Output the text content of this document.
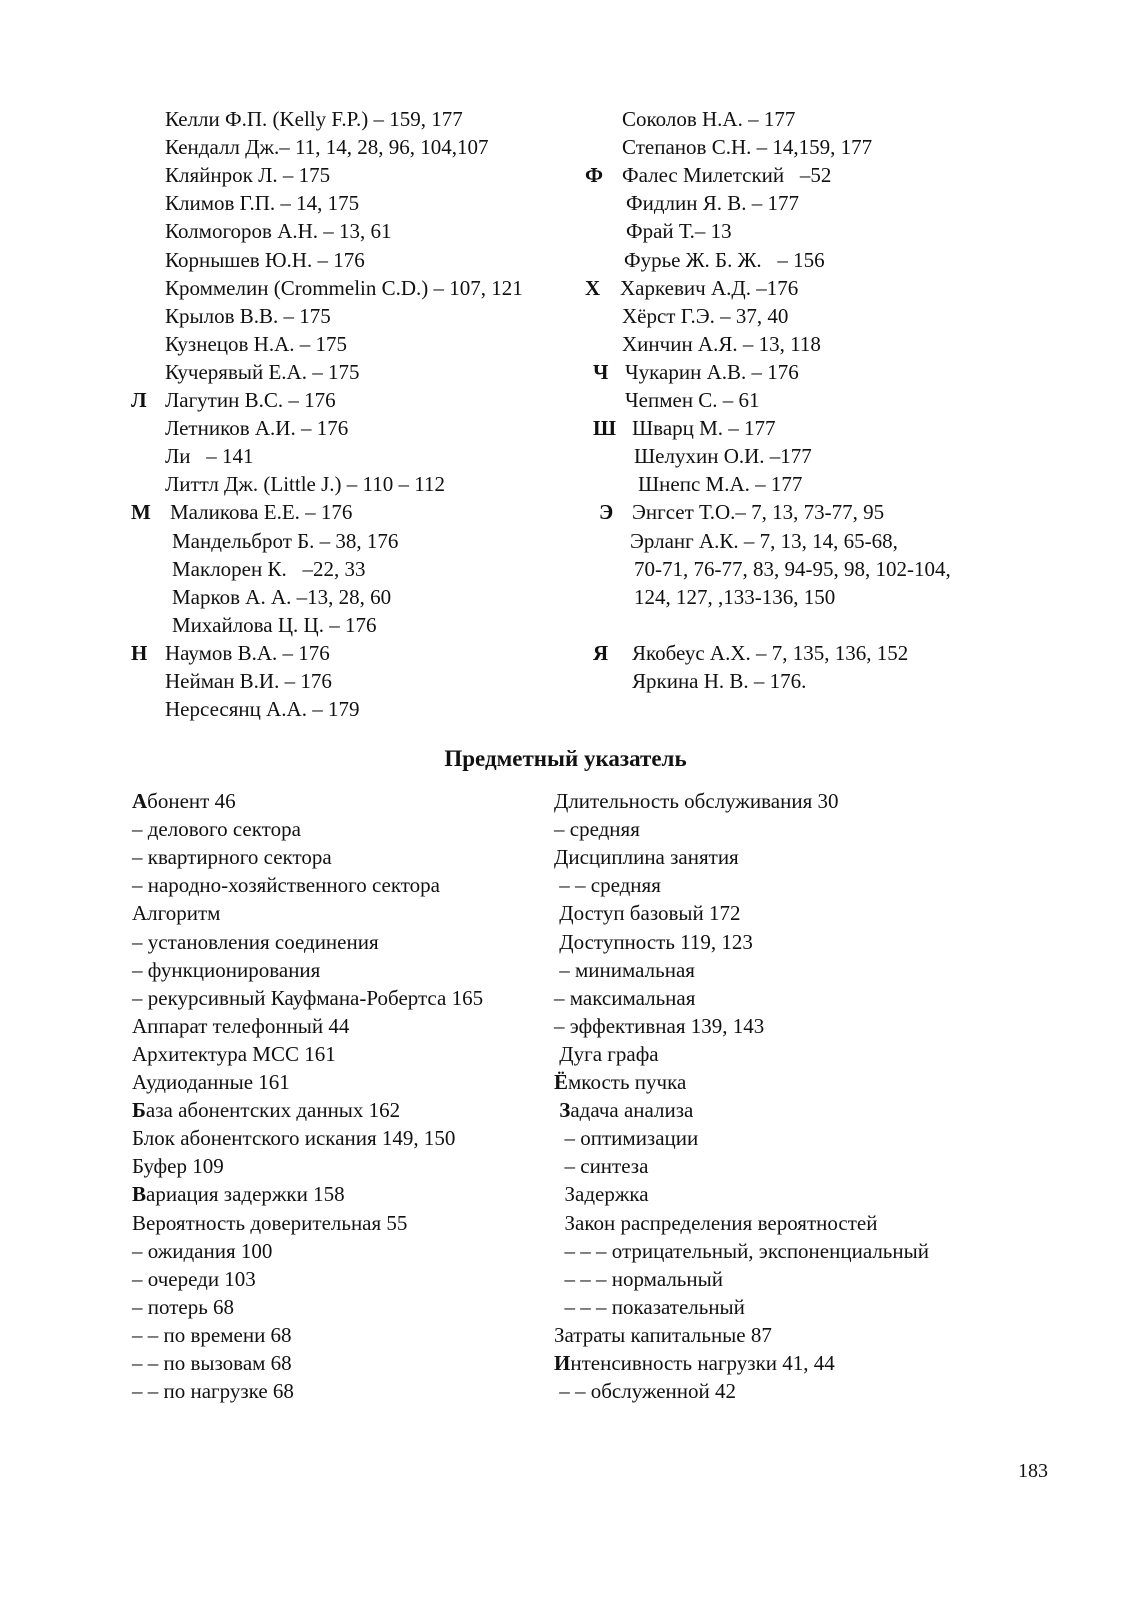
Келли Ф.П. (Kelly F.P.) – 159, 177
Кендалл Дж.– 11, 14, 28, 96, 104,107
Кляйнрок Л. – 175
Климов Г.П. – 14, 175
Колмогоров А.Н. – 13, 61
Корнышев Ю.Н. – 176
Кроммелин (Crommelin C.D.) – 107, 121
Крылов В.В. – 175
Кузнецов Н.А. – 175
Кучерявый Е.А. – 175
Л Лагутин В.С. – 176
Летников А.И. – 176
Ли   – 141
Литтл Дж. (Little J.) – 110 – 112
М Маликова Е.Е. – 176
Мандельброт Б. – 38, 176
Маклорен К.   –22, 33
Марков А. А. –13, 28, 60
Михайлова Ц. Ц. – 176
Н Наумов В.А. – 176
Нейман В.И. – 176
Нерсесянц А.А. – 179
Соколов Н.А. – 177
Степанов С.Н. – 14,159, 177
Ф Фалес Милетский   –52
Фидлин Я. В. – 177
Фрай Т.– 13
Фурье Ж. Б. Ж.   – 156
Х Харкевич А.Д. –176
Хёрст Г.Э. – 37, 40
Хинчин А.Я. – 13, 118
Ч Чукарин А.В. – 176
Чепмен С. – 61
Ш Шварц М. – 177
Шелухин О.И. –177
Шнепс М.А. – 177
Э Энгсет Т.О.– 7, 13, 73-77, 95
Эрланг А.К. – 7, 13, 14, 65-68,
70-71, 76-77, 83, 94-95, 98, 102-104,
124, 127, ,133-136, 150
Я Якобеус А.Х. – 7, 135, 136, 152
Яркина Н. В. – 176.
Предметный указатель
Абонент 46
– делового сектора
– квартирного сектора
– народно-хозяйственного сектора
Алгоритм
– установления соединения
– функционирования
– рекурсивный Кауфмана-Робертса 165
Аппарат телефонный 44
Архитектура МСС 161
Аудиоданные 161
База абонентских данных 162
Блок абонентского искания 149, 150
Буфер 109
Вариация задержки 158
Вероятность доверительная 55
– ожидания 100
– очереди 103
– потерь 68
– – по времени 68
– – по вызовам 68
– – по нагрузке 68
Длительность обслуживания 30
– средняя
Дисциплина занятия
– – средняя
Доступ базовый 172
Доступность 119, 123
– минимальная
– максимальная
– эффективная 139, 143
Дуга графа
Ёмкость пучка
Задача анализа
– оптимизации
– синтеза
Задержка
Закон распределения вероятностей
– – – отрицательный, экспоненциальный
– – – нормальный
– – – показательный
Затраты капитальные 87
Интенсивность нагрузки 41, 44
– – обслуженной 42
183
